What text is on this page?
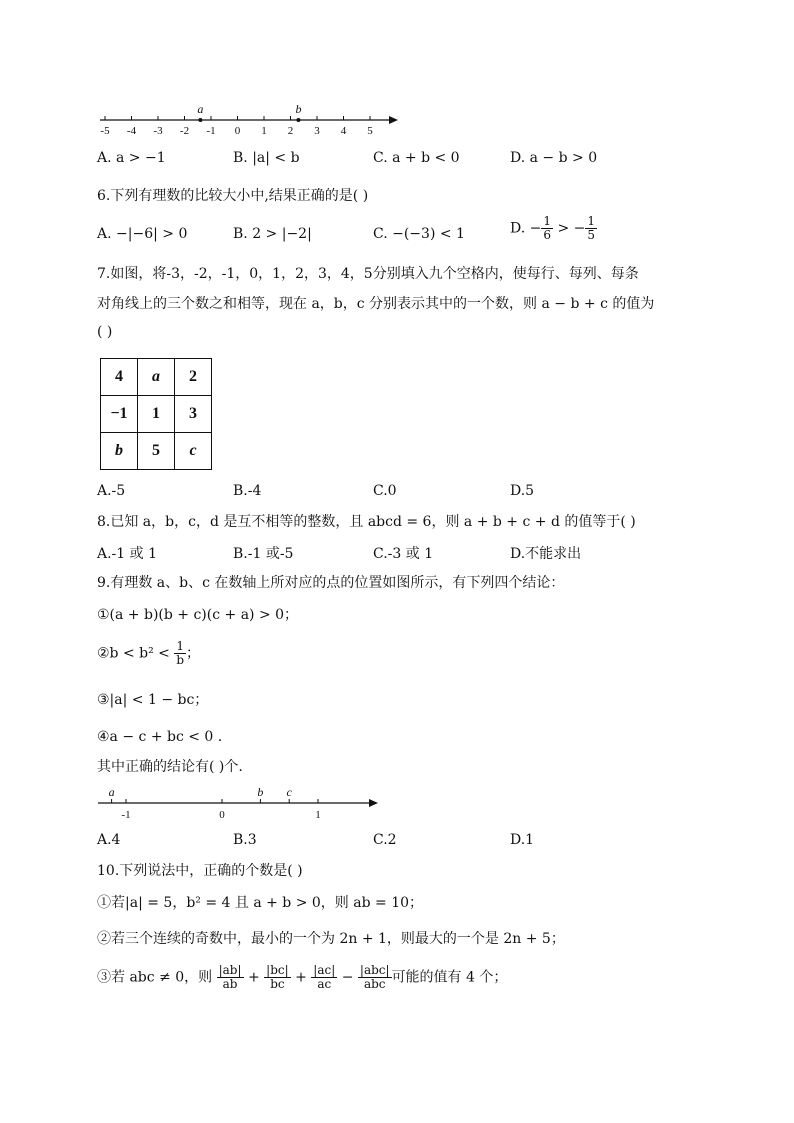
-5 -4 -3 -2 -1 0 1 2 3 4 5
a	b
A. a > −1	B. |a| < b	C. a + b < 0	D. a − b > 0
6.下列有理数的比较大小中,结果正确的是( )
A. −|−6| > 0	B. 2 > |−2|	C. −(−3) < 1	D. − $\frac{1}{6}$ > − $\frac{1}{5}$
7.如图，将-3，-2，-1，0，1，2，3，4，5分别填入九个空格内，使每行、每列、每条
对角线上的三个数之和相等，现在 a，b，c 分别表示其中的一个数，则 a − b + c 的值为
( )
4	a	2
−1	1	3
b	5	c
A.-5	B.-4	C.0	D.5
8.已知 a，b，c，d 是互不相等的整数，且 abcd = 6，则 a + b + c + d 的值等于( )
A.-1 或 1	B.-1 或-5	C.-3 或 1	D.不能求出
9.有理数 a、b、c 在数轴上所对应的点的位置如图所示，有下列四个结论：
①(a + b)(b + c)(c + a) > 0；
②b < $b^2 < \frac{1}{b}$ ；
③|a| < 1 − bc；
④a − c + bc < 0 .
其中正确的结论有( )个.
-1	0	1
a	b c
A.4	B.3	C.2	D.1
10.下列说法中，正确的个数是( )
①若|a| = 5，b² = 4 且 a + b > 0，则 ab = 10；
②若三个连续的奇数中，最小的一个为 2n + 1，则最大的一个是 2n + 5；
③若 abc ≠ 0，则 $\frac{|ab|}{ab} + \frac{|bc|}{bc} + \frac{|ac|}{ac} - \frac{\text{|abc|}}{\text{abc}}$ 可能的值有 4 个；
